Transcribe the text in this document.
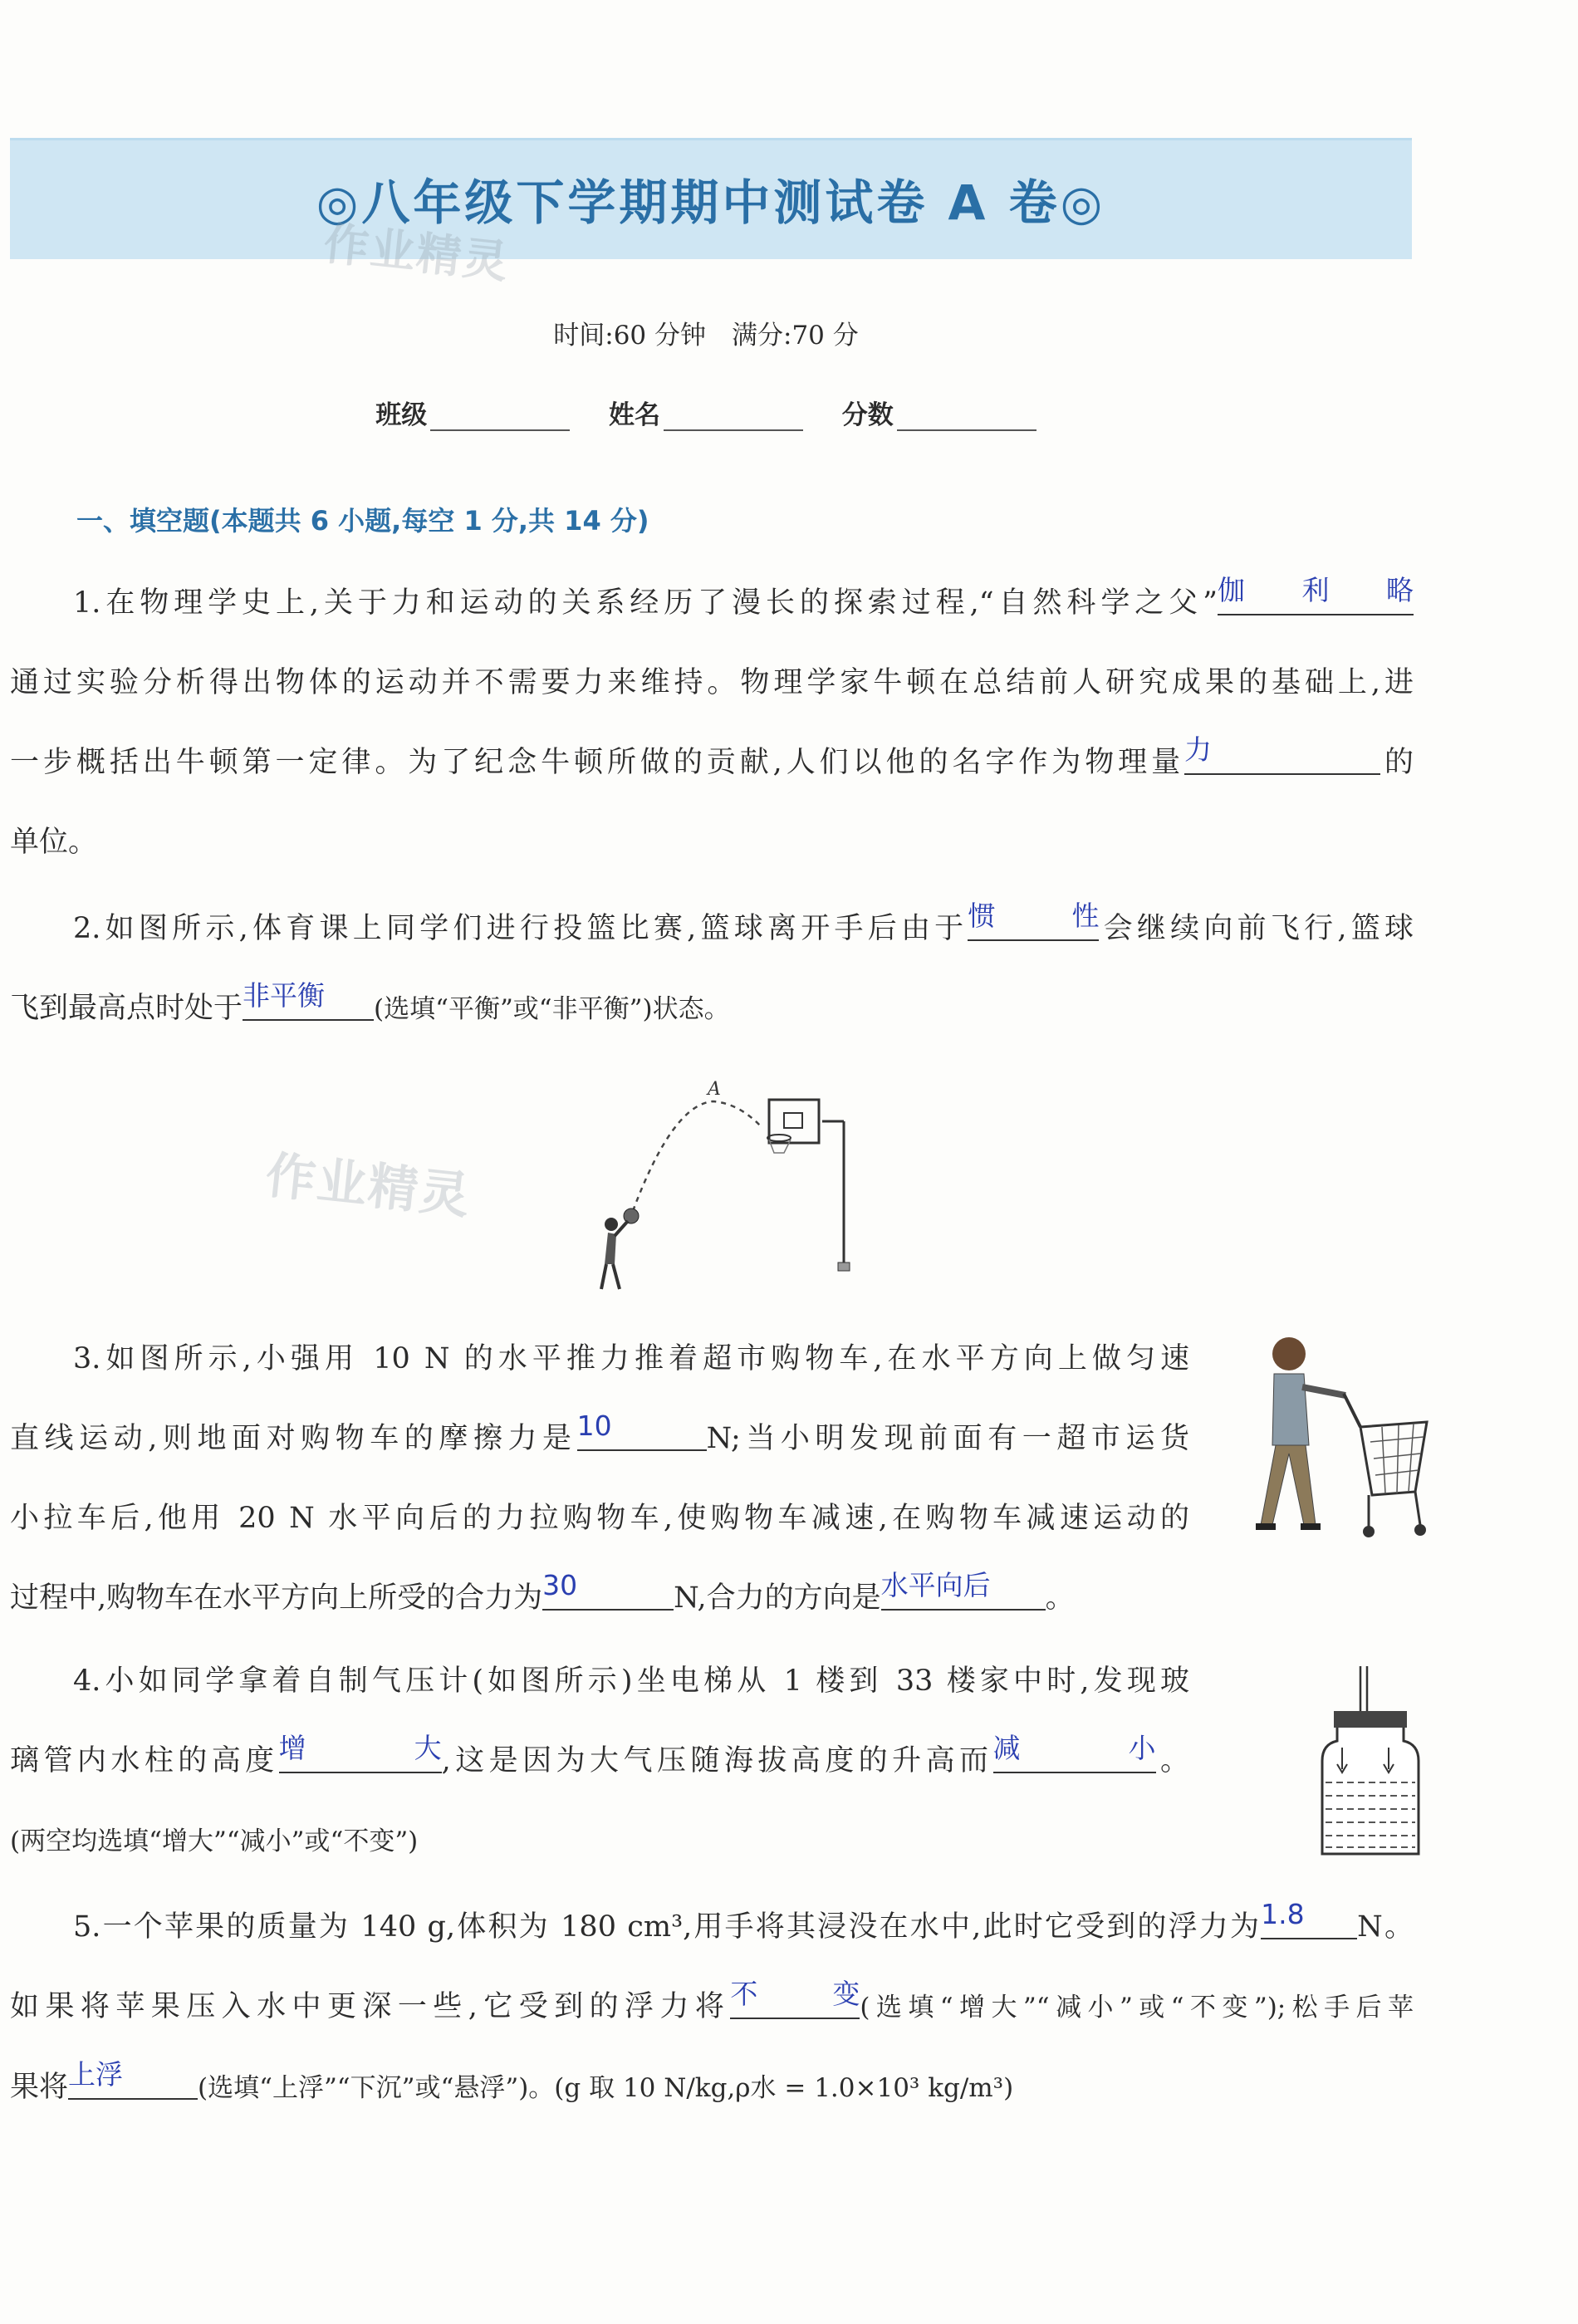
◎八年级下学期期中测试卷 A 卷◎
作业精灵
作业精灵
时间:60 分钟　满分:70 分
班级	姓名	分数
一、填空题(本题共 6 小题,每空 1 分,共 14 分)

1.在物理学史上,关于力和运动的关系经历了漫长的探索过程,“自然科学之父” 伽利略

通过实验分析得出物体的运动并不需要力来维持。物理学家牛顿在总结前人研究成果的基础上,进

一步概括出牛顿第一定律。为了纪念牛顿所做的贡献,人们以他的名字作为物理量 力	的

单位。

2.如图所示,体育课上同学们进行投篮比赛,篮球离开手后由于 惯性 会继续向前飞行,篮球

飞到最高点时处于 非平衡	(选填“平衡”或“非平衡”)状态。

A

3.如图所示,小强用 10 N 的水平推力推着超市购物车,在水平方向上做匀速

直线运动,则地面对购物车的摩擦力是 10	N;当小明发现前面有一超市运货

小拉车后,他用 20 N 水平向后的力拉购物车,使购物车减速,在购物车减速运动的

过程中,购物车在水平方向上所受的合力为 30	N,合力的方向是 水平向后	。

4.小如同学拿着自制气压计(如图所示)坐电梯从 1 楼到 33 楼家中时,发现玻

璃管内水柱的高度 增大 ,这是因为大气压随海拔高度的升高而 减小 。

(两空均选填“增大”“减小”或“不变”)

5.一个苹果的质量为 140 g,体积为 180 cm³,用手将其浸没在水中,此时它受到的浮力为 1.8	N。

如果将苹果压入水中更深一些,它受到的浮力将 不变 (选填“增大”“减小”或“不变”);松手后苹

果将 上浮	(选填“上浮”“下沉”或“悬浮”)。(g 取 10 N/kg,ρ水 = 1.0×10³ kg/m³)
